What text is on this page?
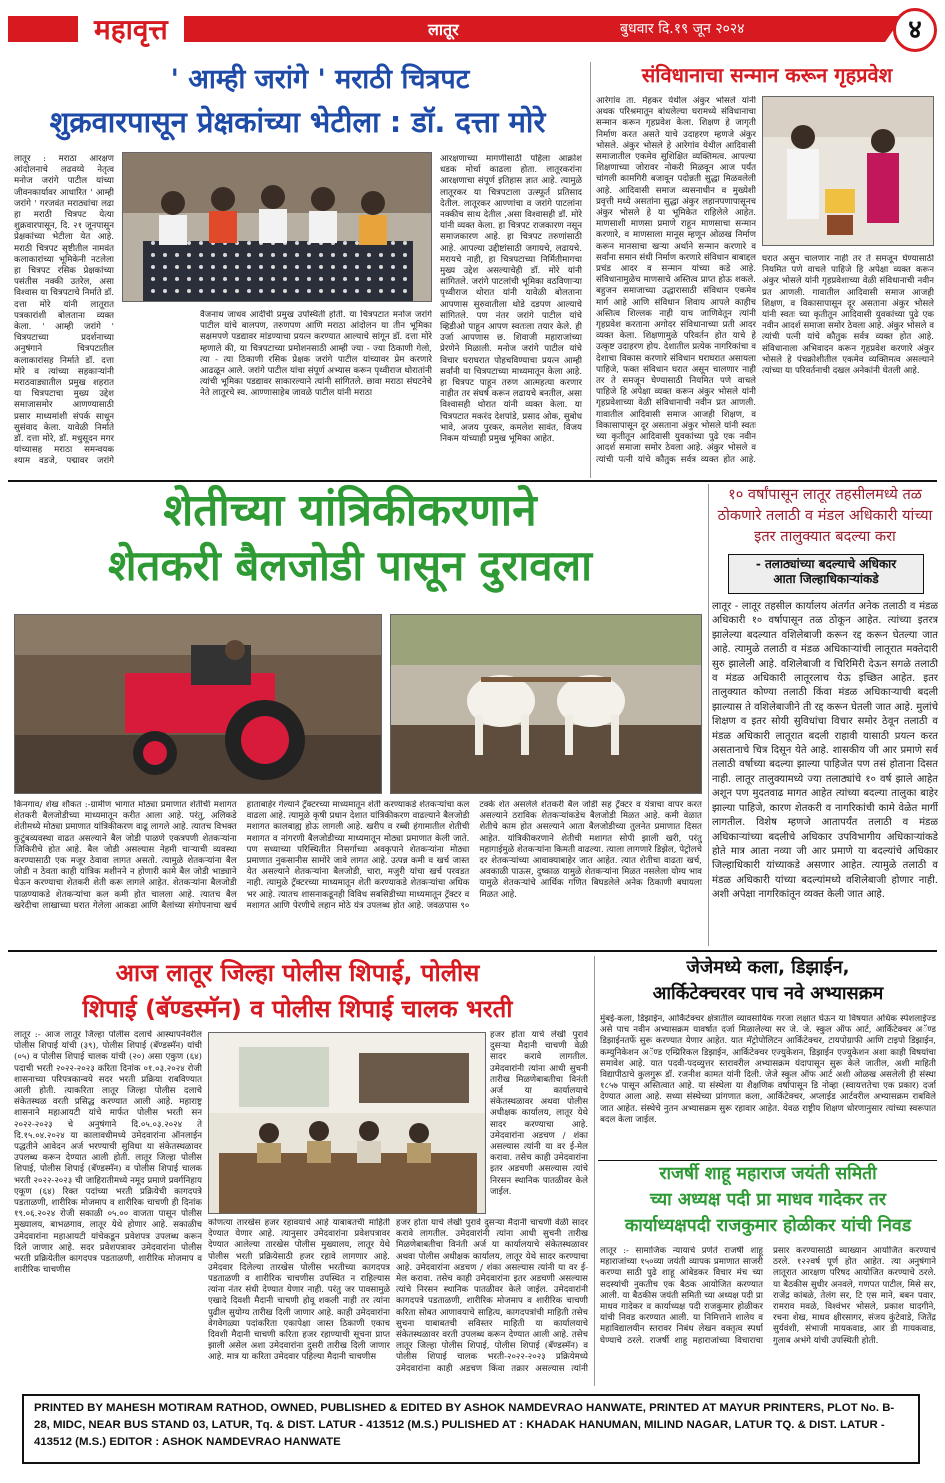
महावृत्त	लातूर	बुधवार दि.१९ जून २०२४	४
' आम्ही जरांगे ' मराठी चित्रपट
शुक्रवारपासून प्रेक्षकांच्या भेटीला : डॉ. दत्ता मोरे
लातूर : मराठा आरक्षण आंदोलनाचे लढवय्ये नेतृत्व मनोज जरांगे पाटील यांच्या जीवनकार्यावर आधारित ' आम्ही जरांगे ' गरजवंत मराठ्यांचा लढा हा मराठी चित्रपट येत्या शुक्रवारपासून, दि. २१ जूनपासून प्रेक्षकांच्या भेटीला येत आहे. मराठी चित्रपट सृष्टीतील नामवंत कलाकारांच्या भूमिकेनी नटलेला हा चित्रपट रसिक प्रेक्षकांच्या पसंतीस नक्की उतरेल, असा विश्वास या चित्रपटाचे निर्माते डॉ. दत्ता मोरे यांनी लातूरात पत्रकारांशी बोलताना व्यक्त केला. ' आम्ही जरांगे ' चित्रपटाच्या प्रदर्शनाच्या अनुषंगाने चित्रपटातील कलाकारांसह निर्माते डॉ. दत्ता मोरे व त्यांच्या सहकाऱ्यांनी मराठवाड्यातील प्रमुख शहरात या चित्रपटाचा मुख्य उद्देश समाजासमोर आणण्यासाठी प्रसार माध्यमांशी संपर्क साधून सुसंवाद केला. यावेळी निर्माते डॉ. दत्ता मोरे, डॉ. मधुसूदन मगर यांच्यासह मराठा समन्वयक श्याम वडजे, पद्मावर जरांगे
वैजनाथ जाधव आदींची प्रमुख उपस्थिती होती. या चित्रपटात मनोज जरांगे पाटील यांचे बालपण, तरुणपण आणि मराठा आंदोलन या तीन भूमिका सक्षमपणे पडद्यावर मांडण्याचा प्रयत्न करण्यात आल्याचे सांगून डॉ. दत्ता मोरे म्हणाले की, या चित्रपटाच्या प्रमोशनसाठी आम्ही ज्या - ज्या ठिकाणी गेलो, त्या - त्या ठिकाणी रसिक प्रेक्षक जरांगे पाटील यांच्यावर प्रेम करणारे आढळून आले. जरांगे पाटील यांचा संपूर्ण अभ्यास करून पृथ्वीराज थोरातांनी त्यांची भूमिका पडद्यावर साकारल्याने त्यांनी सांगितले. छावा मराठा संघटनेचे नेते लातूरचे स्व. आण्णासाहेब जावळे पाटील यांनी मराठा
आरक्षणाच्या मागणीसाठी पहिला आक्रोश धडक मोर्चा काढला होता. लातूरकरांना आरक्षणाचा संपूर्ण इतिहास ज्ञात आहे. त्यामुळे लातूरकर या चित्रपटाला उत्स्फूर्त प्रतिसाद देतील. लातूरकर आण्णांचा व जरांगे पाटलांना नक्कीच साथ देतील ,असा विश्वासही डॉ. मोरे यांनी व्यक्त केला. हा चित्रपट राजकारण नसून समाजकारण आहे. हा चित्रपट तरुणांसाठी आहे. आपल्या उद्दीष्टांसाठी जगायचे, लढायचे. मरायचे नाही, हा चित्रपटाच्या निर्मितीमागचा मुख्य उद्देश असल्याचेही डॉ. मोरे यांनी सांगितले. जरांगे पाटलांची भूमिका वठविणाऱ्या पृथ्वीराज थोरात यांनी यावेळी बोलताना आपणास सुरुवातीला थोडे दडपण आल्याचे सांगितले. पण नंतर जरांगे पाटील यांचे व्हिडीओ पाहून आपण स्वतःला तयार केले. ही उर्जा आपणास छ. शिवाजी महाराजांच्या प्रेरणेने मिळाली. मनोज जरांगे पाटील यांचे विचार घराघरात पोहचविण्याचा प्रयत्न आम्ही सर्वांनी या चित्रपटाच्या माध्यमातून केला आहे. हा चित्रपट पाहून तरुण आत्महत्या करणार नाहीत तर संघर्ष करून लढायचे बनतील, असा विश्वासही थोरात यांनी व्यक्त केला. या चित्रपटात मकरंद देशपांडे, प्रसाद ओक, सुबोध भावे, अजय पुरकर, कमलेश सावंत, विजय निकम यांच्याही प्रमुख भूमिका आहेत.
संविधानाचा सन्मान करून गृहप्रवेश
आरेगांव ता. मेहकर येथील अंकुर भोसले यांनी अथक परिश्रमातून बांधलेल्या घरामध्ये संविधानाचा सन्मान करून गृहप्रवेश केला. शिक्षण हे जागृती निर्माण करत असते याचे उदाहरण म्हणजे अंकुर भोसले. अंकुर भोसले हे आरेगांव येथील आदिवासी समाजातील एकमेव सुशिक्षित व्यक्तिमत्व. आपल्या शिक्षणाच्या जोरावर नोकरी मिळवून आज पर्यंत चांगली कामगिरी बजावून पदोन्नती सुद्धा मिळवलेली आहे. आदिवासी समाज व्यसनाधीन व मुख्येशी प्रवृत्ती मध्ये असतांना सुद्धा अंकुर लहानपणापासूनच अंकुर भोसले हे या भूमिकेत राहिलेले आहेत. माणसाशी माणसा प्रमाणे राहून माणसाचा सन्मान करणारे, व माणसाला मानूस म्हणून ओळख निर्माण करून मानसाचा खऱ्या अर्थाने सन्मान करणारे व सर्वांना समान संधी निर्माण करणारे संविधान बाबाद्दल प्रचंड आदर व सन्मान यांच्या कडे आहे. संविधानामुळेच माणसाचे अस्तित्व प्राप्त होऊ शकले. बहुजन समाजाच्या उद्धारासाठी संविधान एकमेव मार्ग आहे आणि संविधान शिवाय आपले काहीच अस्तित्व शिल्लक नाही याच जाणिवेतून त्यांनी गृहप्रवेश करताना अगोदर संविधानाच्या प्रती आदर व्यक्त केला. शिक्षणामुळे परिवर्तन होत याचे हे उत्कृष्ट उदाहरण होय. देशातील प्रत्येक नागरिकांचा व देशाचा विकास करणारे संविधान घराघरात असायला पाहिजे, फक्त संविधान घरात असून चालणार नाही तर ते समजून घेण्यासाठी नियमित पणे वाचले पाहिजे हि अपेक्षा व्यक्त करून अंकुर भोसले यांनी गृहप्रवेशाच्या वेळी संविधानाची नवीन प्रत आणली. गावातील आदिवासी समाज आजही शिक्षण, व विकासापासून दूर असताना अंकुर भोसले यांनी स्वतः च्या कृतीतून आदिवासी युवकांच्या पुढे एक नवीन आदर्श समाजा समोर ठेवला आहे. अंकुर भोसले व त्यांची पत्नी यांचे कौतुक सर्वत्र व्यक्त होत आहे.
घरात असुन चालणार नाही तर ते समजून घेण्यासाठी नियमित पणे वाचले पाहिजे हि अपेक्षा व्यक्त करून अंकुर भोसले यांनी गृहप्रवेशाच्या वेळी संविधानाची नवीन प्रत आणली. गावातील आदिवासी समाज आजही शिक्षण, व विकासापासून दूर असताना अंकुर भोसले यांनी स्वतः च्या कृतीतून आदिवासी युवकांच्या पुढे एक नवीन आदर्श समाजा समोर ठेवला आहे. अंकुर भोसले व त्यांची पत्नी यांचे कौतुक सर्वत्र व्यक्त होत आहे. संविधानाला अभिवादन करून गृहप्रवेश करणारे अंकुर भोसले हे पंचक्रोशीतील एकमेव व्यक्तिमत्व असल्याने त्यांच्या या परिवर्तनाची दखल अनेकांनी घेतली आहे.
शेतीच्या यांत्रिकीकरणाने
शेतकरी बैलजोडी पासून दुरावला
किनगाव/ शेख शौकत :-ग्रामीण भागात मोठ्या प्रमाणात शेतीची मशागत शेतकरी बैलजोडीच्या माध्यमातून करीत आला आहे. परंतु, अलिकडे शेतीमध्ये मोठ्या प्रमाणात यांत्रिकीकरण वाढू लागले आहे. त्यातच विभक्त कुटुंबव्यवस्था वाढत असल्याने बैल जोडी पाळणे एकत्रपणी शेतकऱ्यांना जिकिरीचे होत आहे. बैल जोडी असल्यास नेहमी चाऱ्याची व्यवस्था करण्यासाठी एक मजूर ठेवावा लागत असतो. त्यामुळे शेतकऱ्यांना बैल जोडी न ठेवता काही यांत्रिक मशीनने न होणारी कामे बैल जोडी भाड्याने घेऊन करण्याचा शेतकरी शेती करू लागले आहेत. शेतकऱ्यांना बैलजोडी पाळण्याकडे शेतकऱ्यांचा कल कमी होत चालला आहे. त्यातच बैल खरेदीचा लाखाच्या घरात गेलेला आकडा आणि बैलांच्या संगोपनाचा खर्च हाताबाहेर गेल्याने ट्रॅक्टरच्या माध्यमातून शेती करण्याकडे शेतकऱ्यांचा कल वाढला आहे. त्यामुळे कृषी प्रधान देशात यांत्रिकीकरण वाढल्याने बैलजोडी मशागत कालबाह्य होऊ लागली आहे. खरीप व रब्बी हंगामातील शेतीची मशागत व नांगरणी बैलजोडीच्या माध्यमातून मोठ्या प्रमाणात केली जाते. पण सध्याच्या परिस्थितीत निसर्गाच्या अवकृपाने शेतकऱ्यांना मोठ्या प्रमाणात नुकसानीस सामोरे जावे लागत आहे. उत्पन्न कमी व खर्च जास्त येत असल्याने शेतकऱ्यांना बैलजोडी, चारा, मजुरी यांचा खर्च परवडत नाही. त्यामुळे ट्रॅक्टरच्या माध्यमातून शेती करण्याकडे शेतकऱ्यांचा अधिक भर आहे. त्यातच शासनाकडूनही विविध सबसिडीच्या माध्यमातून ट्रॅक्टर व मशागत आणि पेरणीचे लहान मोठे यंत्र उपलब्ध होत आहे. जवळपास ९० टक्के शेत असलेले शेतकरी बैल जोडी सह ट्रॅक्टर व यंत्राचा वापर करत असल्याने ठराविक शेतकऱ्यांकडेच बैलजोडी मिळत आहे. कमी वेळात शेतीचे काम होत असल्याने आता बैलजोडीच्या तुलनेत प्रमाणात दिसत आहेत. यांत्रिकीकरणाने शेतीची मशागत सोपी झाली खरी, परंतु महागाईमुळे शेतकऱ्यांना किमती वाढल्या. त्याला लागणारे डिझेल, पेट्रोलचे दर शेतकऱ्यांच्या आवाक्याबाहेर जात आहेत. त्यात शेतीचा वाढता खर्च, अवकाळी पाऊस, दुष्काळ यामुळे शेतकऱ्यांना मिळत नसलेला योग्य भाव यामुळे शेतकऱ्यांचे आर्थिक गणित बिघडलेले अनेक ठिकाणी बघायला मिळत आहे.
१० वर्षांपासून लातूर तहसीलमध्ये तळ ठोकणारे तलाठी व मंडल अधिकारी यांच्या इतर तालुक्यात बदल्या करा
- तलाठ्यांच्या बदल्याचे अधिकार
आता जिल्हाधिकाऱ्यांकडे
लातूर - लातूर तहसील कार्यालय अंतर्गत अनेक तलाठी व मंडळ अधिकारी १० वर्षापासून तळ ठोकून आहेत. त्यांच्या इतरत्र झालेल्या बदल्यात वशिलेबाजी करून रद्द करून घेतल्या जात आहे. त्यामुळे तलाठी व मंडळ अधिकाऱ्यांची लातूरात मक्तेदारी सुरु झालेली आहे. वशिलेबाजी व चिरिमिरी देऊन सगळे तलाठी व मंडळ अधिकारी लातूरलाच येऊ इच्छित आहेत. इतर तालुक्यात कोण्या तलाठी किंवा मंडळ अधिकाऱ्याची बदली झाल्यास ते वशिलेबाजीने ती रद्द करून घेतली जात आहे. मुलांचे शिक्षण व इतर सोयी सुविधांचा विचार समोर ठेवून तलाठी व मंडळ अधिकारी लातूरात बदली राहावी यासाठी प्रयत्न करत असतानाचे चित्र दिसून येते आहे. शासकीय जी आर प्रमाणे सर्व तलाठी वर्षाच्या बदल्या झाल्या पाहिजेत पण तसं होताना दिसत नाही. लातूर तालुक्यामध्ये ज्या तलाठ्यांचे १० वर्ष झाले आहेत अशून पण मुदतवाढ मागत आहेत त्यांच्या बदल्या तालुका बाहेर झाल्या पाहिजे, कारण शेतकरी व नागरिकांची कामे वेळेत मार्गी लागतील. विशेष म्हणजे आतापर्यंत तलाठी व मंडळ अधिकाऱ्यांच्या बदलीचे अधिकार उपविभागीय अधिकाऱ्यांकडे होते मात्र आता नव्या जी आर प्रमाणे या बदल्यांचे अधिकार जिल्हाधिकारी यांच्याकडे असणार आहेत. त्यामुळे तलाठी व मंडळ अधिकारी यांच्या बदल्यांमध्ये वशिलेबाजी होणार नाही. अशी अपेक्षा नागरिकांतून व्यक्त केली जात आहे.
आज लातूर जिल्हा पोलीस शिपाई, पोलीस
शिपाई (बॅण्डस्मॅन) व पोलीस शिपाई चालक भरती
लातूर :- आज लातूर जिल्हा पोलीस दलाचे आस्थापनेवरील पोलीस शिपाई यांची (३९), पोलीस शिपाई (बॅण्डस्मॅन) यांची (०५) व पोलीस शिपाई चालक यांची (२०) असा एकुण (६४) पदाची भरती २०२२-२०२३ करिता दिनांक ०१.०३.२०२४ रोजी शासनाच्या परिपत्रकान्वये सदर भरती प्रक्रिया राबविण्यात आली होती. त्याकरिता लातूर जिल्हा पोलीस दलाचे संकेतस्थळ वरती प्रसिद्ध करण्यात आली आहे. महाराष्ट्र शासनाने महाआयटी यांचे मार्फत पोलीस भरती सन २०२२-२०२३ चे अनुषंगाने दि.०५.०३.२०२४ ते दि.१५.०४.२०२४ या कालावधीमध्ये उमेदवारांना ऑनलाईन पद्धतीने आवेदन अर्ज भरण्याची सुविधा या संकेतस्थळावर उपलब्ध करून देण्यात आली होती. लातूर जिल्हा पोलीस शिपाई, पोलीस शिपाई (बॅण्डस्मॅन) व पोलीस शिपाई चालक भरती २०२२-२०२३ ची जाहिरातीमध्ये नमूद प्रमाणे प्रवर्गनिहाय एकूण (६४) रिक्त पदांच्या भरती प्रक्रियेची कागदपत्रे पडताळणी, शारीरिक मोजमाप व शारीरिक चाचणी ही दिनांक १९.०६.२०२४ रोजी सकाळी ०५.०० वाजता पासून पोलीस मुख्यालय, बाभळगाव, लातूर येथे होणार आहे. सकाळीच उमेदवारांना महाआयटी यांचेकडून प्रवेशपत्र उपलब्ध करून दिले जाणार आहे. सदर प्रवेशपत्रावर उमेदवारांना पोलीस भरती प्रक्रियेतील कागदपत्र पडताळणी, शारीरिक मोजमाप व शारीरिक चाचणीस
कोणत्या तारखेस हजर रहावयाचे आहे याबाबतची माहिती देण्यात येणार आहे. त्यानुसार उमेदवारांना प्रवेशपत्रावर देण्यात आलेल्या तारखेस पोलीस मुख्यालय, लातूर येथे पोलीस भरती प्रक्रियेसाठी हजर रहावे लागणार आहे. उमेदवार दिलेल्या तारखेस पोलीस भरतीच्या कागदपत्र पडताळणी व शारीरिक चाचणीस उपस्थित न राहिल्यास त्यांना नंतर संधी देण्यात येणार नाही. परंतु जर पावसामुळे एखादे दिवशी मैदानी चाचणी होवू शकली नाही तर त्यांना पुढील सुयोग्य तारीख दिली जाणार आहे. काही उमेदवारांना वेगवेगळ्या पदांकरिता एकापेक्षा जास्त ठिकाणी एकाच दिवशी मैदानी चाचणी करिता हजर रहाण्याची सूचना प्राप्त झाली असेल अशा उमेदवारांना दुसरी तारीख दिली जाणार आहे. मात्र या करिता उमेदवार पहिल्या मैदानी चाचणीस
हजर होता याचे लेखी पुरावे दुसऱ्या मैदानी चाचणी वेळी सादर करावे लागतील. उमेदवारांनी त्यांना आधी सुचनी तारीख मिळणेबाबतीचा विनंती अर्ज या कार्यालयाचे संकेतस्थळावर अथवा पोलीस अधीक्षक कार्यालय, लातूर येथे सादर करण्याचा आहे. उमेदवारांना अडचण / शंका असल्यास त्यांनी या वर ई-मेल करावा. तसेच काही उमेदवारांना इतर अडचणी असल्यास त्यांचे निरसन स्थानिक पातळीवर केले जाईल. उमेदवारांनी कागदपत्रे पडताळणी, शारीरिक मोजमाप व शारीरिक चाचणी करिता सोबत आणावयाचे साहित्य, कागदपत्रांची माहिती तसेच सुचना याबाबतची सविस्तर माहिती या कार्यालयाचे संकेतस्थळावर वरती उपलब्ध करून देण्यात आली आहे. तसेच लातूर जिल्हा पोलीस शिपाई, पोलीस शिपाई (बॅण्डस्मॅन) व पोलीस शिपाई चालक भरती-२०२२-२०२३ प्रक्रियेमध्ये उमेदवारांना काही अडचण किंवा तक्रार असल्यास त्यांनी
हजर होता याचे लेखी पुरावे दुसऱ्या मैदानी चाचणी वेळी सादर करावे लागतील. उमेदवारांनी त्यांना आधी सुचनी तारीख मिळणेबाबतीचा विनंती अर्ज या कार्यालयाचे संकेतस्थळावर अथवा पोलीस अधीक्षक कार्यालय, लातूर येथे सादर करण्याचा आहे. उमेदवारांना अडचण / शंका असल्यास त्यांनी या वर ई-मेल करावा. तसेच काही उमेदवारांना इतर अडचणी असल्यास त्यांचे निरसन स्थानिक पातळीवर केले जाईल.
जेजेमध्ये कला, डिझाईन,
आर्किटेक्चरवर पाच नवे अभ्यासक्रम
मुंबई-कला, डिझाईन, आर्किटेक्चर क्षेत्रातील व्यावसायिक गरजा लक्षात घेऊन या विषयात अधिक स्पेशलाईज्ड असे पाच नवीन अभ्यासक्रम यावर्षात दर्जा मिळालेल्या सर जे. जे. स्कुल ऑफ आर्ट, आर्किटेक्चर अॅण्ड डिझाईनतर्फे सुरू करण्यात येणार आहेत. यात मॅट्रोपोलिटन आर्किटेक्चर, टायपोग्राफी आणि टाइपो डिझाईन, कम्युनिकेशन अॅण्ड एम्प्रिरिकल डिझाईन, आर्किटेक्चर एज्युकेशन, डिझाईन एज्युकेशन अशा काही विषयांचा समावेश आहे. यात पदवी-पदव्युत्तर स्तरावरील अभ्यासक्रम यंदापासून सुरू केले जातील, अशी माहिती विद्यापीठाचे कुलगुरू डॉ. रजनीश कामत यांनी दिली. जेजे स्कुल ऑफ आर्ट अशी ओळख असलेली ही संस्था १८५७ पासून अस्तित्वात आहे. या संस्थेला या शैक्षणिक वर्षापासून डि नोव्हा (स्वायत्ततेचा एक प्रकार) दर्जा देण्यात आला आहे. सध्या संस्थेच्या प्रांगणात कला, आर्किटेक्चर, अप्लाईड आर्टवरील अभ्यासक्रम राबविले जात आहेत. संस्थेचे नुतन अभ्यासक्रम सुरू रहावार आहेत. येवळ राष्ट्रीय शिक्षण धोरणानुसार त्यांच्या स्वरूपात बदल केला जाईल.
राजर्षी शाहू महाराज जयंती समिती
च्या अध्यक्ष पदी प्रा माधव गादेकर तर
कार्याध्यक्षपदी राजकुमार होळीकर यांची निवड
लातूर :- सामाजिक न्यायाचे प्रणेते राजर्षी शाहू महाराजांच्या १५०व्या जयंती व्यापक प्रमाणात साजरी करण्या साठी पुढे शाहू आंबेडकर विचार मंच च्या सदस्यांची नुकतीच एक बैठक आयोजित करण्यात आली. या बैठकीस जयंती समिती च्या अध्यक्ष पदी प्रा माधव गादेकर व कार्याध्यक्ष पदी राजकुमार होळीकर यांची निवड करण्यात आली. या निमित्ताने शालेय व महाविद्यालयीन स्तरावर निबंध लेखन वक्तृत्व स्पर्धा घेण्याचे ठरले. राजर्षी शाहू महाराजांच्या विचाराचा प्रसार करण्यासाठी व्याख्यान आयोजित करण्याचे ठरले. १२२वर्ष पूर्ण होत आहेत. त्या अनुषंगाने लातूरात आरक्षण परिषद आयोजित करण्याचे ठरले. या बैठकीस सुधीर अनवले, गणपत पाटील, मिसे सर, राजेंद्र कांबळे, तेलंग सर, टि एस माने, बबन पवार, रामराव मवळे, विश्वंभर भोसले, प्रकाश घादगीने, रचना शेख, माधव क्षीरसागर, संजय कुंटेवाडे, जितेंद्र सुर्यवंशी, संभाजी मायकवाड, आर डी गायकवाड, गुलाब अभंगे यांची उपस्थिती होती.
PRINTED BY MAHESH MOTIRAM RATHOD, OWNED, PUBLISHED & EDITED BY ASHOK NAMDEVRAO HANWATE, PRINTED AT MAYUR PRINTERS, PLOT No. B-28, MIDC, NEAR BUS STAND 03, LATUR, Tq. & DIST. LATUR - 413512 (M.S.) PULISHED AT : KHADAK HANUMAN, MILIND NAGAR, LATUR TQ. & DIST. LATUR - 413512 (M.S.) EDITOR : ASHOK NAMDEVRAO HANWATE
